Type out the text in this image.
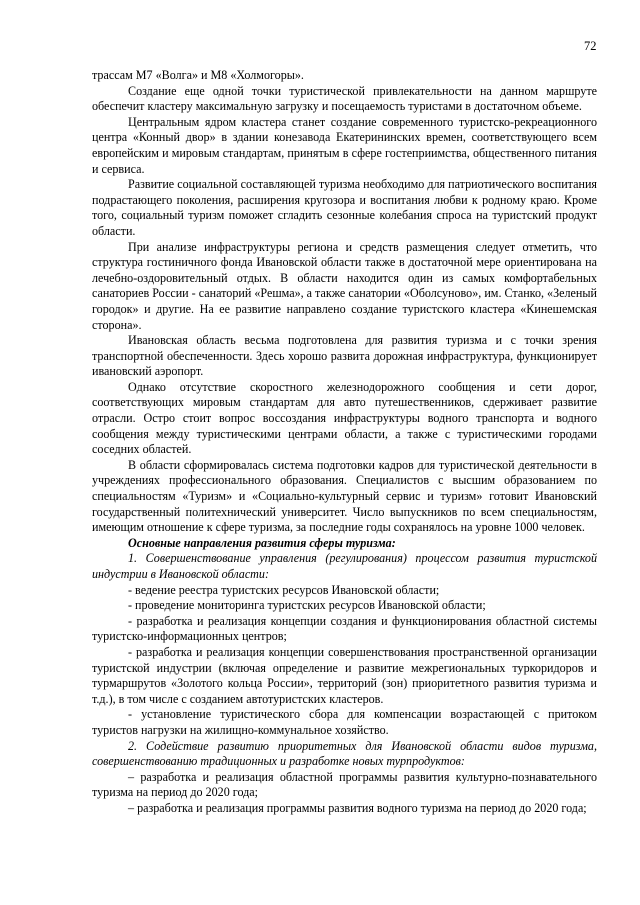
72

трассам М7 «Волга» и М8 «Холмогоры».

Создание еще одной точки туристической привлекательности на данном маршруте обеспечит кластеру максимальную загрузку и посещаемость туристами в достаточном объеме.

Центральным ядром кластера станет создание современного туристско-рекреационного центра «Конный двор» в здании конезавода Екатерининских времен, соответствующего всем европейским и мировым стандартам, принятым в сфере гостеприимства, общественного питания и сервиса.

Развитие социальной составляющей туризма необходимо для патриотического воспитания подрастающего поколения, расширения кругозора и воспитания любви к родному краю. Кроме того, социальный туризм поможет сгладить сезонные колебания спроса на туристский продукт области.

При анализе инфраструктуры региона и средств размещения следует отметить, что структура гостиничного фонда Ивановской области также в достаточной мере ориентирована на лечебно-оздоровительный отдых. В области находится один из самых комфортабельных санаториев России - санаторий «Решма», а также санатории «Оболсуново», им. Станко, «Зеленый городок» и другие. На ее развитие направлено создание туристского кластера «Кинешемская сторона».

Ивановская область весьма подготовлена для развития туризма и с точки зрения транспортной обеспеченности. Здесь хорошо развита дорожная инфраструктура, функционирует ивановский аэропорт.

Однако отсутствие скоростного железнодорожного сообщения и сети дорог, соответствующих мировым стандартам для авто путешественников, сдерживает развитие отрасли. Остро стоит вопрос воссоздания инфраструктуры водного транспорта и водного сообщения между туристическими центрами области, а также с туристическими городами соседних областей.

В области сформировалась система подготовки кадров для туристической деятельности в учреждениях профессионального образования. Специалистов с высшим образованием по специальностям «Туризм» и «Социально-культурный сервис и туризм» готовит Ивановский государственный политехнический университет. Число выпускников по всем специальностям, имеющим отношение к сфере туризма, за последние годы сохранялось на уровне 1000 человек.

Основные направления развития сферы туризма:

1. Совершенствование управления (регулирования) процессом развития туристской индустрии в Ивановской области:

- ведение реестра туристских ресурсов Ивановской области;

- проведение мониторинга туристских ресурсов Ивановской области;

- разработка и реализация концепции создания и функционирования областной системы туристско-информационных центров;

- разработка и реализация концепции совершенствования пространственной организации туристской индустрии (включая определение и развитие межрегиональных туркоридоров и турмаршрутов «Золотого кольца России», территорий (зон) приоритетного развития туризма и т.д.), в том числе с созданием автотуристских кластеров.

- установление туристического сбора для компенсации возрастающей с притоком туристов нагрузки на жилищно-коммунальное хозяйство.

2. Содействие развитию приоритетных для Ивановской области видов туризма, совершенствованию традиционных и разработке новых турпродуктов:

– разработка и реализация областной программы развития культурно-познавательного туризма на период до 2020 года;

– разработка и реализация программы развития водного туризма на период до 2020 года;
